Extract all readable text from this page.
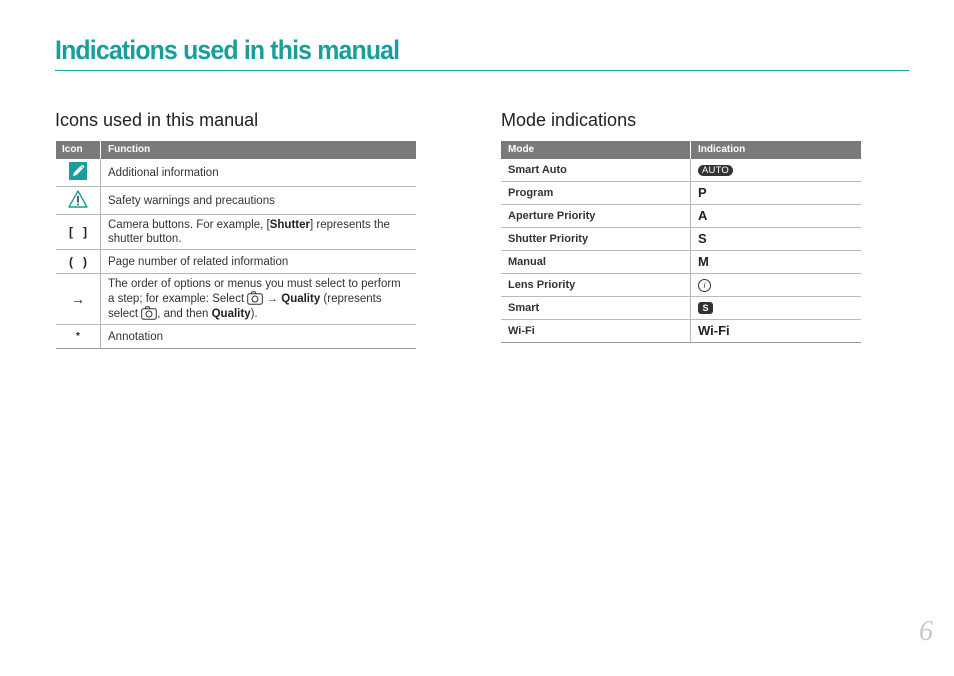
Indications used in this manual
Icons used in this manual	Mode indications
Icon	Function
	Additional information
	Safety warnings and precautions
[   ]	Camera buttons. For example, [Shutter] represents the shutter button.
(   )	Page number of related information
→	The order of options or menus you must select to perform a step; for example: Select  → Quality (represents select , and then Quality).
*	Annotation
Mode	Indication
Smart Auto	AUTO
Program	P
Aperture Priority	A
Shutter Priority	S
Manual	M
Lens Priority	i
Smart	S
Wi-Fi	Wi-Fi
6
